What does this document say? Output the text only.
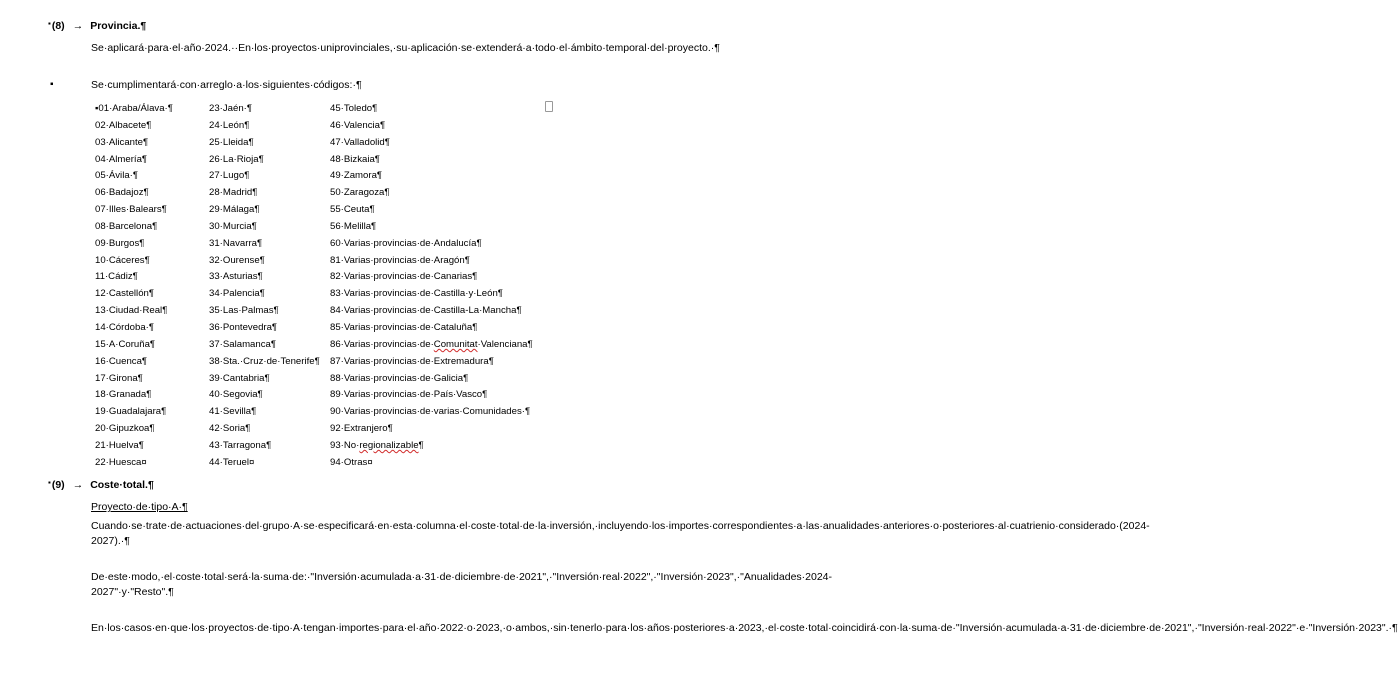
▪(8) → Provincia.¶
Se·aplicará·para·el·año·2024.··En·los·proyectos·uniprovinciales,·su·aplicación·se·extenderá·a·todo·el·ámbito·temporal·del·proyecto.·¶
▪	Se·cumplimentará·con·arreglo·a·los·siguientes·códigos:·¶
▪01·Araba/Álava·¶	23·Jaén·¶	45·Toledo¶
02·Albacete¶	24·León¶	46·Valencia¶
03·Alicante¶	25·Lleida¶	47·Valladolid¶
04·Almería¶	26·La·Rioja¶	48·Bizkaia¶
05·Ávila·¶	27·Lugo¶	49·Zamora¶
06·Badajoz¶	28·Madrid¶	50·Zaragoza¶
07·Illes·Balears¶	29·Málaga¶	55·Ceuta¶
08·Barcelona¶	30·Murcia¶	56·Melilla¶
09·Burgos¶	31·Navarra¶	60·Varias·provincias·de·Andalucía¶
10·Cáceres¶	32·Ourense¶	81·Varias·provincias·de·Aragón¶
11·Cádiz¶	33·Asturias¶	82·Varias·provincias·de·Canarias¶
12·Castellón¶	34·Palencia¶	83·Varias·provincias·de·Castilla·y·León¶
13·Ciudad·Real¶	35·Las·Palmas¶	84·Varias·provincias·de·Castilla-La·Mancha¶
14·Córdoba·¶	36·Pontevedra¶	85·Varias·provincias·de·Cataluña¶
15·A·Coruña¶	37·Salamanca¶	86·Varias·provincias·de·Comunitat·Valenciana¶
16·Cuenca¶	38·Sta.·Cruz·de·Tenerife¶	87·Varias·provincias·de·Extremadura¶
17·Girona¶	39·Cantabria¶	88·Varias·provincias·de·Galicia¶
18·Granada¶	40·Segovia¶	89·Varias·provincias·de·País·Vasco¶
19·Guadalajara¶	41·Sevilla¶	90·Varias·provincias·de·varias·Comunidades·¶
20·Gipuzkoa¶	42·Soria¶	92·Extranjero¶
21·Huelva¶	43·Tarragona¶	93·No·regionalizable¶
22·Huesca¤	44·Teruel¤	94·Otras¤
▪(9) → Coste·total.¶
Proyecto·de·tipo·A·¶
Cuando·se·trate·de·actuaciones·del·grupo·A·se·especificará·en·esta·columna·el·coste·total·de·la·inversión,·incluyendo·los·importes·correspondientes·a·las·anualidades·anteriores·o·posteriores·al·cuatrienio·considerado·(2024-2027).·¶
De·este·modo,·el·coste·total·será·la·suma·de:·"Inversión·acumulada·a·31·de·diciembre·de·2021",·"Inversión·real·2022",·"Inversión·2023",·"Anualidades·2024-2027"·y·"Resto".¶
En·los·casos·en·que·los·proyectos·de·tipo·A·tengan·importes·para·el·año·2022·o·2023,·o·ambos,·sin·tenerlo·para·los·años·posteriores·a·2023,·el·coste·total·coincidirá·con·la·suma·de·"Inversión·acumulada·a·31·de·diciembre·de·2021",·"Inversión·real·2022"·e·"Inversión·2023".·¶
